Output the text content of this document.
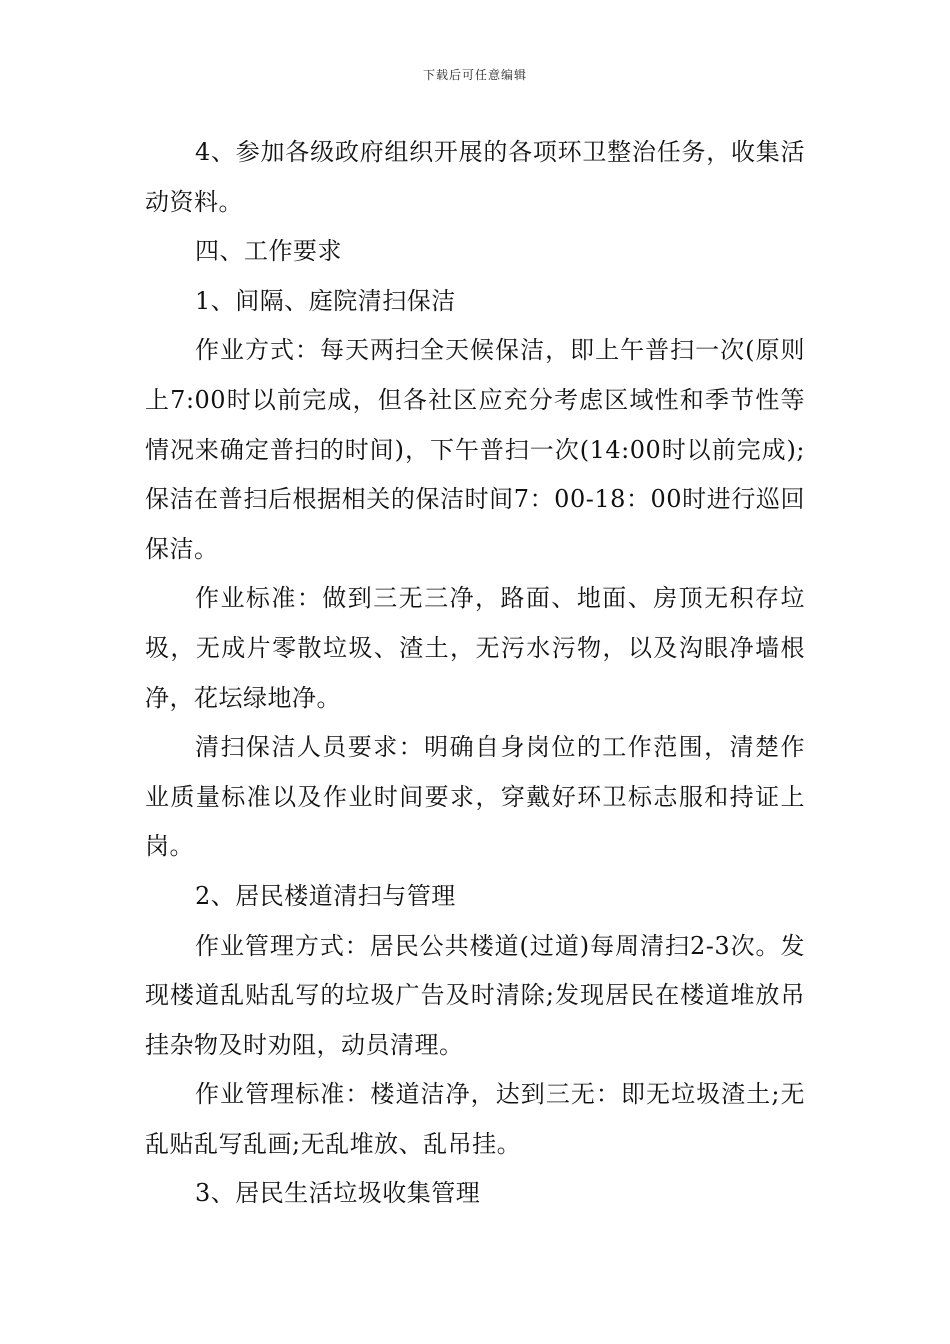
下载后可任意编辑

4、参加各级政府组织开展的各项环卫整治任务，收集活动资料。

四、工作要求

1、间隔、庭院清扫保洁

作业方式：每天两扫全天候保洁，即上午普扫一次(原则上7:00时以前完成，但各社区应充分考虑区域性和季节性等情况来确定普扫的时间)，下午普扫一次(14:00时以前完成);保洁在普扫后根据相关的保洁时间7：00-18：00时进行巡回保洁。

作业标准：做到三无三净，路面、地面、房顶无积存垃圾，无成片零散垃圾、渣土，无污水污物，以及沟眼净墙根净，花坛绿地净。

清扫保洁人员要求：明确自身岗位的工作范围，清楚作业质量标准以及作业时间要求，穿戴好环卫标志服和持证上岗。

2、居民楼道清扫与管理

作业管理方式：居民公共楼道(过道)每周清扫2-3次。发现楼道乱贴乱写的垃圾广告及时清除;发现居民在楼道堆放吊挂杂物及时劝阻，动员清理。

作业管理标准：楼道洁净，达到三无：即无垃圾渣土;无乱贴乱写乱画;无乱堆放、乱吊挂。

3、居民生活垃圾收集管理
